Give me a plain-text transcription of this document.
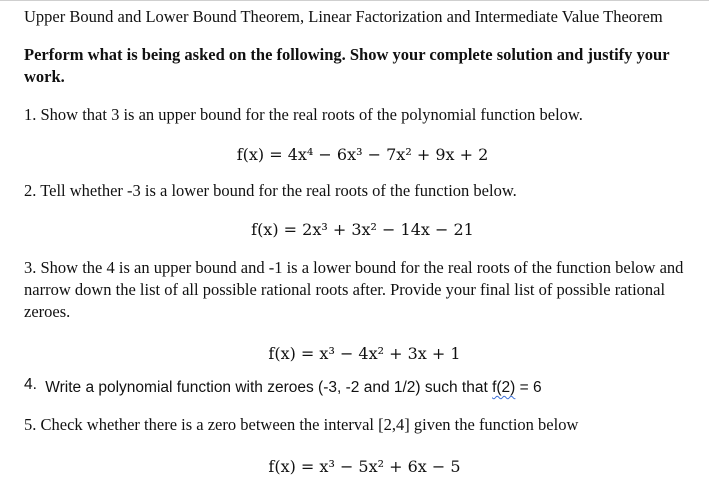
Upper Bound and Lower Bound Theorem, Linear Factorization and Intermediate Value Theorem
Perform what is being asked on the following. Show your complete solution and justify your work.
1. Show that 3 is an upper bound for the real roots of the polynomial function below.
f(x) = 4x⁴ − 6x³ − 7x² + 9x + 2
2. Tell whether -3 is a lower bound for the real roots of the function below.
f(x) = 2x³ + 3x² − 14x − 21
3. Show the 4 is an upper bound and -1 is a lower bound for the real roots of the function below and narrow down the list of all possible rational roots after. Provide your final list of possible rational zeroes.
f(x) = x³ − 4x² + 3x + 1
4. Write a polynomial function with zeroes (-3, -2 and 1/2) such that f(2) = 6
5. Check whether there is a zero between the interval [2,4] given the function below
f(x) = x³ − 5x² + 6x − 5
